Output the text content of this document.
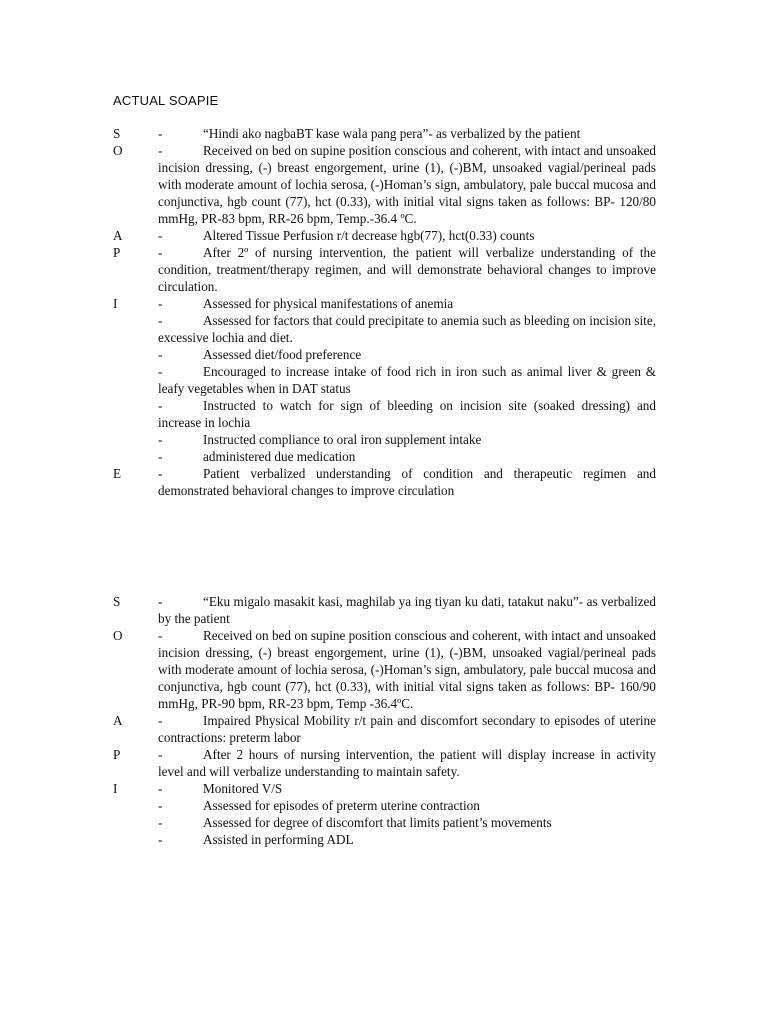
ACTUAL SOAPIE
S	-	“Hindi ako nagbaBT kase wala pang pera”- as verbalized by the patient
O	-	Received on bed on supine position conscious and coherent, with intact and unsoaked incision dressing, (-) breast engorgement, urine (1), (-)BM, unsoaked vagial/perineal pads with moderate amount of lochia serosa, (-)Homan’s sign, ambulatory, pale buccal mucosa and conjunctiva, hgb count (77), hct (0.33), with initial vital signs taken as follows: BP- 120/80 mmHg, PR-83 bpm, RR-26 bpm, Temp.-36.4 ºC.
A	-	Altered Tissue Perfusion r/t decrease hgb(77), hct(0.33) counts
P	-	After 2º of nursing intervention, the patient will verbalize understanding of the condition, treatment/therapy regimen, and will demonstrate behavioral changes to improve circulation.
I	-	Assessed for physical manifestations of anemia
-	Assessed for factors that could precipitate to anemia such as bleeding on incision site, excessive lochia and diet.
-	Assessed diet/food preference
-	Encouraged to increase intake of food rich in iron such as animal liver & green & leafy vegetables when in DAT status
-	Instructed to watch for sign of bleeding on incision site (soaked dressing) and increase in lochia
-	Instructed compliance to oral iron supplement intake
-	administered due medication
E	-	Patient verbalized understanding of condition and therapeutic regimen and demonstrated behavioral changes to improve circulation
S	-	“Eku migalo masakit kasi, maghilab ya ing tiyan ku dati, tatakut naku”- as verbalized by the patient
O	-	Received on bed on supine position conscious and coherent, with intact and unsoaked incision dressing, (-) breast engorgement, urine (1), (-)BM, unsoaked vagial/perineal pads with moderate amount of lochia serosa, (-)Homan’s sign, ambulatory, pale buccal mucosa and conjunctiva, hgb count (77), hct (0.33), with initial vital signs taken as follows: BP- 160/90 mmHg, PR-90 bpm, RR-23 bpm, Temp -36.4ºC.
A	-	Impaired Physical Mobility r/t pain and discomfort secondary to episodes of uterine contractions: preterm labor
P	-	After 2 hours of nursing intervention, the patient will display increase in activity level and will verbalize understanding to maintain safety.
I	-	Monitored V/S
-	Assessed for episodes of preterm uterine contraction
-	Assessed for degree of discomfort that limits patient’s movements
-	Assisted in performing ADL
